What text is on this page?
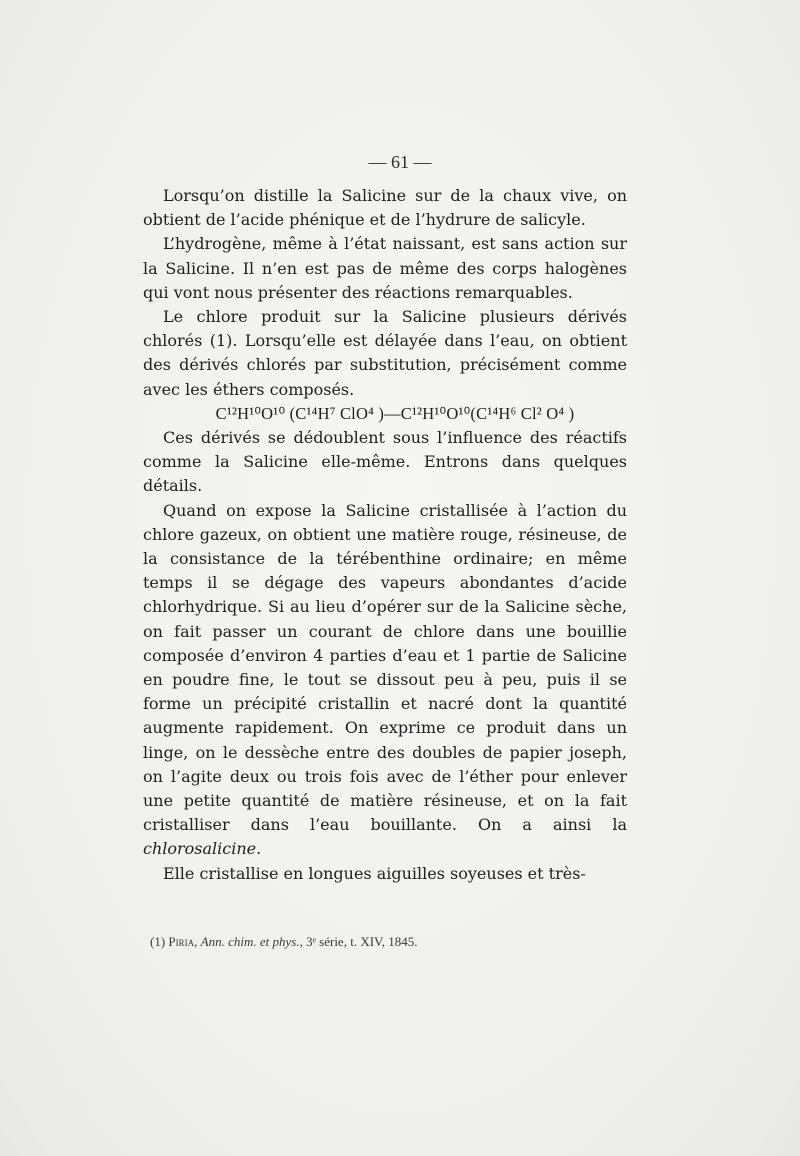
— 61 —

Lorsqu’on distille la Salicine sur de la chaux vive, on obtient de l’acide phénique et de l’hydrure de salicyle.

L’hydrogène, même à l’état naissant, est sans action sur la Salicine. Il n’en est pas de même des corps halogènes qui vont nous présenter des réactions remarquables.

Le chlore produit sur la Salicine plusieurs dérivés chlorés (1). Lorsqu’elle est délayée dans l’eau, on obtient des dérivés chlorés par substitution, précisément comme avec les éthers composés.

C¹²H¹⁰O¹⁰ (C¹⁴H⁷ ClO⁴ )—C¹²H¹⁰O¹⁰(C¹⁴H⁶ Cl² O⁴ )

Ces dérivés se dédoublent sous l’influence des réactifs comme la Salicine elle-même. Entrons dans quelques détails.

Quand on expose la Salicine cristallisée à l’action du chlore gazeux, on obtient une matière rouge, résineuse, de la consistance de la térébenthine ordinaire; en même temps il se dégage des vapeurs abondantes d’acide chlorhydrique. Si au lieu d’opérer sur de la Salicine sèche, on fait passer un courant de chlore dans une bouillie composée d’environ 4 parties d’eau et 1 partie de Salicine en poudre fine, le tout se dissout peu à peu, puis il se forme un précipité cristallin et nacré dont la quantité augmente rapidement. On exprime ce produit dans un linge, on le dessèche entre des doubles de papier joseph, on l’agite deux ou trois fois avec de l’éther pour enlever une petite quantité de matière résineuse, et on la fait cristalliser dans l’eau bouillante. On a ainsi la chlorosalicine.

Elle cristallise en longues aiguilles soyeuses et très-

(1) Piria, Ann. chim. et phys., 3ᵉ série, t. XIV, 1845.
